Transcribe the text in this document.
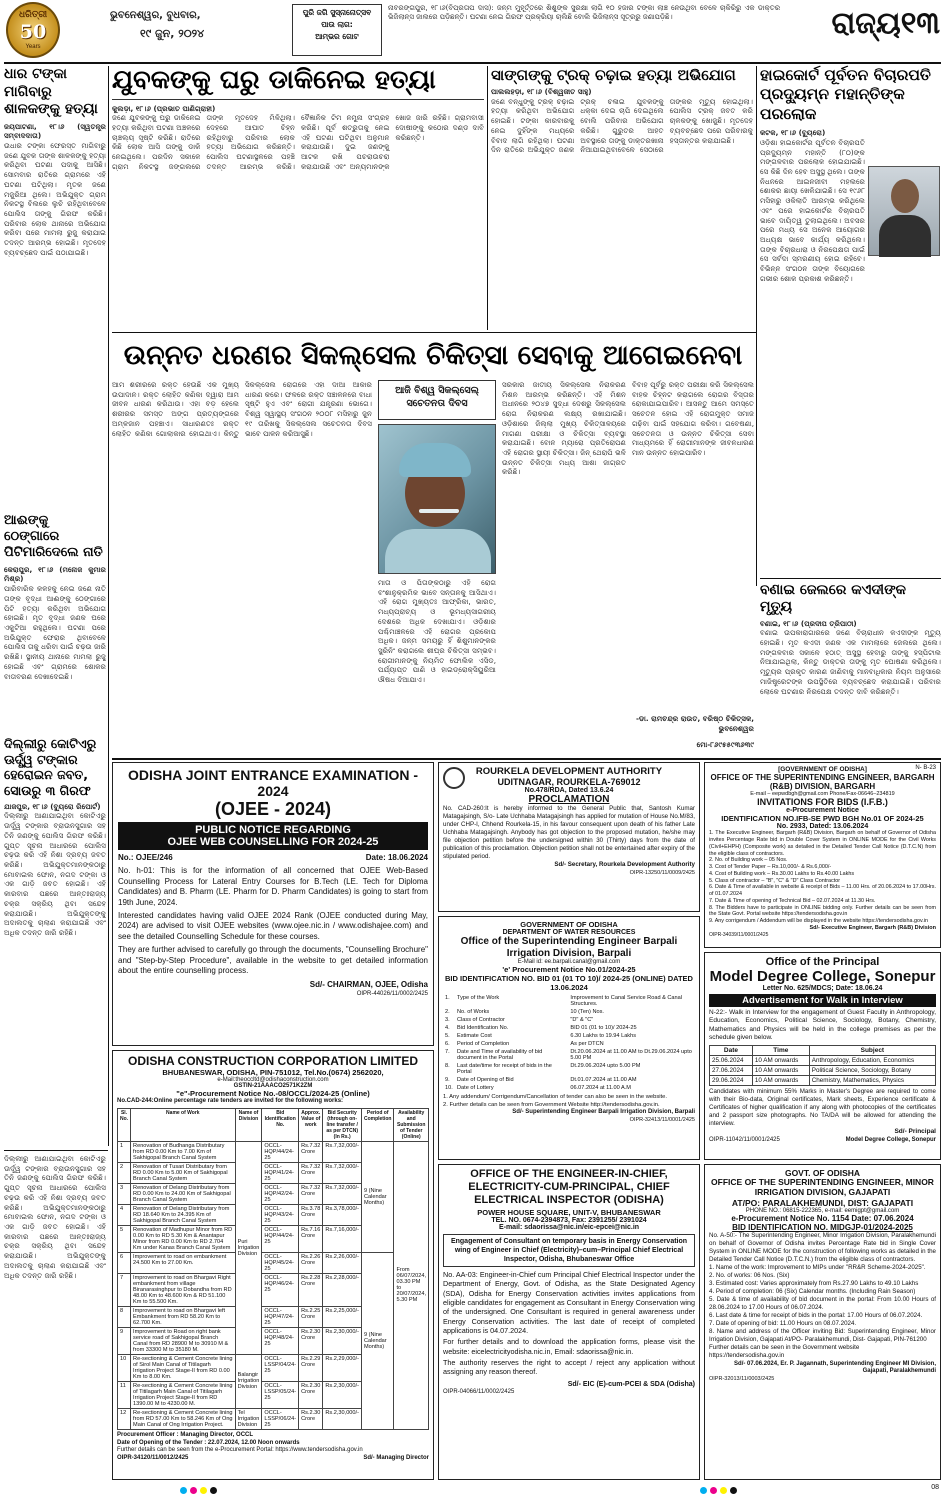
ଧରିତ୍ରୀ
50
Years
ଭୁବନେଶ୍ୱର, ବୁଧବାର,
୧୯ ଜୁନ, ୨୦୨୪
ପୁରି ଜଗି ସୁସ୍ନାନୋତ୍ସବ
ପାଉ ଲାଗ:
ଆମ୍ଭର ଗୋଟ
ନାବରଙ୍ଗପୁର, ୧୮।୬(ବିପ୍ରତାପ ଦାସ): ଜନ୍ମ ମୁହୂର୍ତ୍ତରେ ଶିଶୁଙ୍କ ସୁରକ୍ଷା ଲାଗି ୧୦ ହଜାର ଟଙ୍କା ଲାଞ୍ଚ ନେଉଥିବା ବେଳେ ଚାକିରିରୁ ଏକ ଡାକ୍ତର ଭିଜିଲାନ୍ସ ଜାଲରେ ପଡ଼ିଛନ୍ତି। ଘଟଣା ନେଇ ଗିରଫ ପ୍ରକ୍ରିୟା ଚାଲିଛି ବୋଲି ଭିଜିଲାନ୍ସ ସୂତ୍ରରୁ ଜଣାପଡ଼ିଛି।	ରାଜ୍ୟ୧୩
ଧାର ଟଙ୍କା ମାଗିବାରୁ ଶାଳକଙ୍କୁ ହତ୍ୟା
ଜୟପାଟଣା, ୧୮।୬ (ସ୍ୱତନ୍ତ୍ର ସମ୍ବାଦଦାତା)
ଉଧାର ଟଙ୍କା ଫେରସ୍ତ ମାଗିବାରୁ ଜଣେ ଯୁବକ ତାଙ୍କ ଶାଳକଙ୍କୁ ହତ୍ୟା କରିଥିବା ଘଟଣା ପଦାକୁ ଆସିଛି। ସୋମବାର ରାତିରେ ଗ୍ରାମରେ ଏହି ଘଟଣା ଘଟିଥିଲା। ମୃତକ ଜଣେ ମଜୁରିଆ ଥିଲେ। ଅଭିଯୁକ୍ତ ଗ୍ରାମ ନିକଟସ୍ଥ ବିଲରେ ଲୁଚି ରହିଥିବାବେଳେ ପୋଲିସ ତାଙ୍କୁ ଗିରଫ କରିଛି। ପରିବାର ଲୋକ ଥାନାରେ ଅଭିଯୋଗ କରିବା ପରେ ମାମଲା ରୁଜୁ କରାଯାଇ ତଦନ୍ତ ଆରମ୍ଭ ହୋଇଛି। ମୃତଦେହ ବ୍ୟବଚ୍ଛେଦ ପାଇଁ ପଠାଯାଇଛି।
ଆଈଙ୍କୁ ଠେଙ୍ଗାରେ ପିଟିମାରିଦେଲେ ନାତି
କେରାପୁର, ୧୮।୬ (ମନୋଜ କୁମାର ମିଶ୍ର)
ପାରିବାରିକ କଳହକୁ ନେଇ ଜଣେ ନାତି ତାଙ୍କ ବୃଦ୍ଧା ଆଈଙ୍କୁ ଠେଙ୍ଗାରେ ପିଟି ହତ୍ୟା କରିଥିବା ଅଭିଯୋଗ ହୋଇଛି। ମୃତ ବୃଦ୍ଧା ଜଣକ ଘରେ ଏକୁଟିଆ ରହୁଥିଲେ। ଘଟଣା ପରେ ଅଭିଯୁକ୍ତ ଫେରାର ଥିବାବେଳେ ପୋଲିସ ତାକୁ ଧରିବା ପାଇଁ ଚଢ଼ଉ ଜାରି ରଖିଛି। ସ୍ଥାନୀୟ ଥାନାରେ ମାମଲା ରୁଜୁ ହୋଇଛି ଏବଂ ଗ୍ରାମରେ ଶୋକର ବାତାବରଣ ଦେଖାଦେଇଛି।
ଦିଲ୍ଲୀରୁ କୋଟିଏରୁ ଊର୍ଦ୍ଧ୍ୱ ଟଙ୍କାର ହେରୋଇନ ଜବତ, ସୋଉରୁ ୩ ଗିରଫ
ଯାଜପୁର, ୧୮।୬ (ବ୍ୟୁରୋ ରିପୋର୍ଟ)
ଦିଲ୍ଲୀରୁ ଆଣାଯାଇଥିବା କୋଟିଏରୁ ଊର୍ଦ୍ଧ୍ୱ ଟଙ୍କାର ବ୍ରାଉନସୁଗାର ସହ ତିନି ଜଣଙ୍କୁ ପୋଲିସ ଗିରଫ କରିଛି। ଗୁପ୍ତ ସୂଚନା ଆଧାରରେ ପୋଲିସ ଚଢ଼ଉ କରି ଏହି ନିଶା ଦ୍ରବ୍ୟ ଜବତ କରିଛି। ଅଭିଯୁକ୍ତମାନଙ୍କଠାରୁ ମୋବାଇଲ ଫୋନ, ନଗଦ ଟଙ୍କା ଓ ଏକ ଗାଡ଼ି ଜବତ ହୋଇଛି। ଏହି କାରବାର ପଛରେ ଆନ୍ତଃରାଜ୍ୟ ଚକ୍ର ସକ୍ରିୟ ଥିବା ସନ୍ଦେହ କରାଯାଉଛି। ଅଭିଯୁକ୍ତଙ୍କୁ ଅଦାଲତକୁ ଚାଲାଣ କରାଯାଇଛି ଏବଂ ଅଧିକ ତଦନ୍ତ ଜାରି ରହିଛି।
ଯୁବକଙ୍କୁ ଘରୁ ଡାକିନେଇ ହତ୍ୟା
କୁଲଡ଼ା, ୧୮।୬ (ପ୍ରଭାତ ପାଣିଗ୍ରାହୀ)
ଜଣେ ଯୁବକଙ୍କୁ ଘରୁ ଡାକିନେଇ ହତ୍ୟା କରିଥିବା ଘଟଣା ଅଞ୍ଚଳରେ ଚାଞ୍ଚଲ୍ୟ ସୃଷ୍ଟି କରିଛି। ରାତିରେ କିଛି ଲୋକ ଆସି ତାଙ୍କୁ ଡାକି ନେଇଥିଲେ। ପରଦିନ ସକାଳେ ଗ୍ରାମ ନିକଟସ୍ଥ ଜଙ୍ଗଲରେ ତାଙ୍କ ମୃତଦେହ ମିଳିଥିଲା। ଦେହରେ ଆଘାତ ଚିହ୍ନ ରହିଥିବାରୁ ପରିବାର ଲୋକ ହତ୍ୟା ଅଭିଯୋଗ କରିଛନ୍ତି। ପୋଲିସ ଘଟଣାସ୍ଥଳରେ ପହଞ୍ଚି ତଦନ୍ତ ଆରମ୍ଭ କରିଛି। ବୈଜ୍ଞାନିକ ଟିମ ନମୁନା ସଂଗ୍ରହ କରିଛି। ପୂର୍ବ ଶତ୍ରୁତାକୁ ନେଇ ଏହି ଘଟଣା ଘଟିଥିବା ଅନୁମାନ କରାଯାଉଛି। ଦୁଇ ଜଣଙ୍କୁ ଆଟକ ରଖି ପଚରାଉଚରା କରାଯାଉଛି ଏବଂ ଅନ୍ୟମାନଙ୍କ ଖୋଜ ଜାରି ରହିଛି। ଗ୍ରାମବାସୀ ଦୋଷୀଙ୍କୁ କଠୋର ଦଣ୍ଡ ଦାବି କରିଛନ୍ତି।
ସାଙ୍ଗଙ୍କୁ ଟ୍ରକ୍ ଚଢ଼ାଇ ହତ୍ୟା ଅଭିଯୋଗ
ପାଲଲହଡ଼ା, ୧୮।୬ (ବିଶ୍ୱଜୀତ ସାହୁ)
ଜଣେ ବନ୍ଧୁଙ୍କୁ ଟ୍ରକ୍ ଚଢ଼ାଇ ହତ୍ୟା କରିଥିବା ଅଭିଯୋଗ ହୋଇଛି। ଟଙ୍କା କାରବାରକୁ ନେଇ ଦୁହିଁଙ୍କ ମଧ୍ୟରେ ବିବାଦ ଲାଗି ରହିଥିଲା। ଘଟଣା ଦିନ ରାତିରେ ଅଭିଯୁକ୍ତ ଜଣକ ଟ୍ରକ୍ ଚଳାଇ ଯୁବକଙ୍କୁ ଧକ୍କା ଦେଇ ଚାପି ଦେଇଥିଲେ ବୋଲି ପରିବାର ଅଭିଯୋଗ କରିଛି। ଗୁରୁତର ଆହତ ଅବସ୍ଥାରେ ତାଙ୍କୁ ଡାକ୍ତରଖାନା ନିଆଯାଇଥିବାବେଳେ ସେଠାରେ ତାଙ୍କର ମୃତ୍ୟୁ ହୋଇଥିଲା। ପୋଲିସ ଟ୍ରକ୍ ଜବତ କରି ଚାଳକଙ୍କୁ ଖୋଜୁଛି। ମୃତଦେହ ବ୍ୟବଚ୍ଛେଦ ପରେ ପରିବାରକୁ ହସ୍ତାନ୍ତର କରାଯାଇଛି।
ହାଇକୋର୍ଟ ପୂର୍ବତନ ବିଚାରପତି ପ୍ରଦ୍ୟୁମ୍ନ ମହାନ୍ତିଙ୍କ ପରଲୋକ
କଟକ, ୧୮।୬ (ବ୍ୟୁରୋ)
ଓଡ଼ିଶା ହାଇକୋର୍ଟର ପୂର୍ବତନ ବିଚାରପତି ପ୍ରଦ୍ୟୁମ୍ନ ମହାନ୍ତି (୮୦)ଙ୍କ ମଙ୍ଗଳବାର ପରଲୋକ ହୋଇଯାଇଛି। ସେ କିଛି ଦିନ ହେବ ଅସୁସ୍ଥ ଥିଲେ। ତାଙ୍କ ନିଧନରେ ଆଇନଜୀବୀ ମହଲରେ ଶୋକର ଛାୟା ଖେଳିଯାଇଛି। ସେ ୧୯୬୮ ମସିହାରୁ ଓକିଲାତି ଆରମ୍ଭ କରିଥିଲେ ଏବଂ ପରେ ହାଇକୋର୍ଟର ବିଚାରପତି ଭାବେ ଦାୟିତ୍ୱ ତୁଲାଇଥିଲେ। ଅବସର ପରେ ମଧ୍ୟ ସେ ଅନେକ ଆୟୋଗର ଅଧ୍ୟକ୍ଷ ଭାବେ କାର୍ଯ୍ୟ କରିଥିଲେ। ତାଙ୍କ ବିଚାରଧାରା ଓ ନିରପେକ୍ଷତା ପାଇଁ ସେ ସର୍ବଦା ସ୍ମରଣୀୟ ହୋଇ ରହିବେ। ବିଭିନ୍ନ ସଂଗଠନ ତାଙ୍କ ବିୟୋଗରେ ଗଭୀର ଶୋକ ପ୍ରକାଶ କରିଛନ୍ତି।
ଉନ୍ନତ ଧରଣର ସିକଲ୍‌ସେଲ ଚିକିତ୍ସା ସେବାକୁ ଆଗେଇନେବା
ଆମ ଶରୀରରେ ରକ୍ତ ହେଉଛି ଏକ ମୁଖ୍ୟ ଉପାଦାନ। ରକ୍ତ ଲୋହିତ କଣିକା ଦ୍ୱାରା ଆମ ଜୀବନ ଧାରଣ କରିଥାଉ। ଏହା ବଡ଼ ହେଲେ ଶରୀରର ସମସ୍ତ ଅଙ୍ଗ ପ୍ରତ୍ୟଙ୍ଗରେ ଅମ୍ଳଜାନ ପହଞ୍ଚାଏ। ସାଧାରଣତଃ ରକ୍ତ ଲୋହିତ କଣିକା ଗୋଲାକାର ହୋଇଥାଏ। କିନ୍ତୁ ସିକଲ୍‌ସେଲ ରୋଗରେ ଏହା ଦାଆ ଆକାର ଧାରଣ କରେ। ଫଳରେ ରକ୍ତ ସଞ୍ଚାଳନରେ ବାଧା ସୃଷ୍ଟି ହୁଏ ଏବଂ ରୋଗୀ ଯନ୍ତ୍ରଣା ଭୋଗେ। ବିଶ୍ୱ ସ୍ୱାସ୍ଥ୍ୟ ସଂଗଠନ ୨୦୦୮ ମସିହାରୁ ଜୁନ ୧୯ ତାରିଖକୁ ସିକଲ୍‌ସେଲ ସଚେତନତା ଦିବସ ଭାବେ ପାଳନ କରିଆସୁଛି।
ଆଜି ବିଶ୍ୱ ସିକଲ୍‌ସେଲ୍
ସଚେତନତା ଦିବସ
ମାତା ଓ ପିତାଙ୍କଠାରୁ ଏହି ରୋଗ ବଂଶାନୁକ୍ରମିକ ଭାବେ ସନ୍ତାନକୁ ଆସିଥାଏ। ଏହି ରୋଗ ମୁଖ୍ୟତଃ ଆଫ୍ରିକା, ଭାରତ, ମଧ୍ୟପ୍ରାଚ୍ୟ ଓ ଭୂମଧ୍ୟସାଗରୀୟ ଦେଶରେ ଅଧିକ ଦେଖାଯାଏ। ଓଡ଼ିଶାର ପଶ୍ଚିମାଞ୍ଚଳରେ ଏହି ରୋଗର ପ୍ରକୋପ ଅଧିକ। ଜନ୍ମ ସମୟରୁ ହିଁ ଶିଶୁମାନଙ୍କର ସ୍କ୍ରିନିଂ କରାଗଲେ ଶୀଘ୍ର ଚିକିତ୍ସା ସମ୍ଭବ। ରୋଗୀମାନଙ୍କୁ ନିୟମିତ ଫୋଲିକ ଏସିଡ, ପର୍ଯ୍ୟାପ୍ତ ପାଣି ଓ ହାଇଡ୍ରୋକ୍ସିୟୁରିଆ ଔଷଧ ଦିଆଯାଏ।
ସରକାର ଜାତୀୟ ସିକଲ୍‌ସେଲ ନିରାକରଣ ମିଶନ ଆରମ୍ଭ କରିଛନ୍ତି। ଏହି ମିଶନ ଅଧୀନରେ ୨୦୪୭ ସୁଦ୍ଧା ଦେଶରୁ ସିକଲ୍‌ସେଲ ରୋଗ ନିରାକରଣ ଲକ୍ଷ୍ୟ ରଖାଯାଇଛି। ଓଡ଼ିଶାରେ ଜିଲ୍ଲା ମୁଖ୍ୟ ଚିକିତ୍ସାଳୟରେ ମାଗଣା ପରୀକ୍ଷା ଓ ଚିକିତ୍ସା ବ୍ୟବସ୍ଥା କରାଯାଇଛି। ବୋନ ମ୍ୟାରୋ ପ୍ରତିରୋପଣ ଏହି ରୋଗର ସ୍ଥାୟୀ ଚିକିତ୍ସା। ଜିନ୍ ଥେରାପି ଭଳି ଉନ୍ନତ ଚିକିତ୍ସା ମଧ୍ୟ ଆଶା ଜାଗ୍ରତ କରିଛି।
ବିବାହ ପୂର୍ବରୁ ରକ୍ତ ପରୀକ୍ଷା କରି ସିକଲ୍‌ସେଲ ବାହକ ଚିହ୍ନଟ କରାଗଲେ ରୋଗର ବିସ୍ତାର ରୋକାଯାଇପାରିବ। ଆସନ୍ତୁ ଆମେ ସମସ୍ତେ ସଚେତନ ହୋଇ ଏହି ରୋଗମୁକ୍ତ ସମାଜ ଗଢ଼ିବା ପାଇଁ ସହଯୋଗ କରିବା। ଗବେଷଣା, ସଚେତନତା ଓ ଉନ୍ନତ ଚିକିତ୍ସା ସେବା ମାଧ୍ୟମରେ ହିଁ ରୋଗୀମାନଙ୍କ ଜୀବନଧାରଣ ମାନ ଉନ୍ନତ ହୋଇପାରିବ।
-ଡା. ରାମଚନ୍ଦ୍ର ରାଉତ, ବରିଷ୍ଠ ଚିକିତ୍ସକ, ଭୁବନେଶ୍ୱର
ମୋ-୮୬୯୫୫୯୩୬୩୯
ବଣାଇ ଜେଲରେ କଏଦୀଙ୍କ ମୃତ୍ୟୁ
ବଣାଇ, ୧୮।୬ (ପ୍ରଦୀପ ତ୍ରିପାଠୀ)
ବଣାଇ ଉପକାରାଗାରରେ ଜଣେ ବିଚାରାଧୀନ କଏଦୀଙ୍କ ମୃତ୍ୟୁ ହୋଇଛି। ମୃତ କଏଦୀ ଜଣକ ଏକ ମାମଲାରେ ଜେଲରେ ଥିଲେ। ମଙ୍ଗଳବାର ସକାଳେ ହଠାତ୍ ଅସୁସ୍ଥ ହେବାରୁ ତାଙ୍କୁ ହସ୍ପିଟାଲ ନିଆଯାଇଥିଲା, କିନ୍ତୁ ଡାକ୍ତର ତାଙ୍କୁ ମୃତ ଘୋଷଣା କରିଥିଲେ। ମୃତ୍ୟୁର ପ୍ରକୃତ କାରଣ ଜାଣିବାକୁ ମାନବାଧିକାର ନିୟମ ଅନୁସାରେ ମାଜିଷ୍ଟ୍ରେଟଙ୍କ ଉପସ୍ଥିତିରେ ବ୍ୟବଚ୍ଛେଦ କରାଯାଇଛି। ପରିବାର ଲୋକେ ଘଟଣାର ନିରପେକ୍ଷ ତଦନ୍ତ ଦାବି କରିଛନ୍ତି।
ODISHA JOINT ENTRANCE EXAMINATION - 2024
(OJEE - 2024)
PUBLIC NOTICE REGARDING
OJEE WEB COUNSELLING FOR 2024-25
No.: OJEE/246	Date: 18.06.2024
No. h-01: This is for the information of all concerned that OJEE Web-Based Counselling Process for Lateral Entry Courses for B.Tech (LE. Tech for Diploma Candidates) and B. Pharm (LE. Pharm for D. Pharm Candidates) is going to start from 19th June, 2024.
Interested candidates having valid OJEE 2024 Rank (OJEE conducted during May, 2024) are advised to visit OJEE websites (www.ojee.nic.in / www.odishajee.com) and see the detailed Counselling Schedule for these courses.
They are further advised to carefully go through the documents, "Counselling Brochure" and "Step-by-Step Procedure", available in the website to get detailed information about the entire counselling process.
Sd/- CHAIRMAN, OJEE, Odisha
OIPR-44026/11/0002/2425
ROURKELA DEVELOPMENT AUTHORITY
UDITNAGAR, ROURKELA-769012
No.478/RDA, Dated 13.6.24
PROCLAMATION
No. CAD-260:It is hereby informed to the General Public that, Santosh Kumar Matagajsingh, S/o- Late Uchhaba Matagajsingh has applied for mutation of House No.M/83, under CHP-I, Chhend Rourkela-15, in his favour consequent upon death of his father Late Uchhaba Matagajsingh. Anybody has got objection to the proposed mutation, he/she may file objection petition before the undersigned within 30 (Thirty) days from the date of publication of this proclamation. Objection petition shall not be entertained after expiry of the stipulated period.
Sd/- Secretary, Rourkela Development Authority
OIPR-13250/11/0009/2425
GOVERNMENT OF ODISHA
DEPARTMENT OF WATER RESOURCES
Office of the Superintending Engineer Barpali Irrigation Division, Barpali
E-Mail id: ee.barpali.canal@gmail.com
'e' Procurement Notice No.01/2024-25
BID IDENTIFICATION NO. BID 01 (01 TO 10)/ 2024-25 (ONLINE) DATED 13.06.2024
1.	Type of the Work	Improvement to Canal Service Road & Canal Structures.
2.	No. of Works	10 (Ten) Nos.
3.	Class of Contractor	"D" & "C"
4.	Bid Identification No.	BID 01 (01 to 10)/ 2024-25
5.	Estimate Cost	6.30 Lakhs to 19.94 Lakhs
6.	Period of Completion	As per DTCN
7.	Date and Time of availability of bid document in the Portal	Dt.20.06.2024 at 11.00 AM to Dt.29.06.2024 upto 5.00 PM
8.	Last date/time for receipt of bids in the Portal	Dt.29.06.2024 upto 5.00 PM
9.	Date of Opening of Bid	Dt.01.07.2024 at 11.00 AM
10.	Date of Lottery	06.07.2024 at 11.00 A.M
1. Any addendum/ Corrigendum/Cancellation of tender can also be seen in the website.
2. Further details can be seen from Government Website http://tendersodisha.gov.in.
Sd/- Superintending Engineer Barpali Irrigation Division, Barpali
OIPR-32413/11/0001/2425
N- B-23
[GOVERNMENT OF ODISHA]
OFFICE OF THE SUPERINTENDING ENGINEER, BARGARH (R&B) DIVISION, BARGARH
E-mail – eepwdbgh@gmail.com Phone/Fax-06646–234819
INVITATIONS FOR BIDS (I.F.B.)
e-Procurement Notice
IDENTIFICATION NO.IFB-SE PWD BGH No.01 OF 2024-25
No. 2933, Dated: 13.06.2024
1. The Executive Engineer, Bargarh (R&B) Division, Bargarh on behalf of Governor of Odisha invites Percentage Rate bid in Double Cover System in ONLINE MODE for the Civil Works (Civil+EHPH) (Composite work) as detailed in the Detailed Tender Call Notice (D.T.C.N) from the eligible class of contractors.
2. No. of Building work – 05 Nos.
3. Cost of Tender Paper – Rs.10,000/- & Rs.6,000/-
4. Cost of Building work – Rs.30.00 Lakhs to Rs.40.00 Lakhs
5. Class of contractor – "B", "C" & "D" Class Contractor
6. Date & Time of available in website & receipt of Bids – 11.00 Hrs. of 20.06.2024 to 17.00Hrs. of 01.07.2024
7. Date & Time of opening of Technical Bid – 02.07.2024 at 11.30 Hrs.
8. The Bidders have to participate in ONLINE bidding only. Further details can be seen from the State Govt. Portal website https://tendersodisha.gov.in
9. Any corrigendum / Addendum will be displayed in the website https://tendersodisha.gov.in
Sd/- Executive Engineer, Bargarh (R&B) Division
OIPR-34039/11/0001/2425
Office of the Principal
Model Degree College, Sonepur
Letter No. 625/MDCS; Date: 18.06.24
Advertisement for Walk in Interview
N-22:- Walk in Interview for the engagement of Guest Faculty in Anthropology, Education, Economics, Political Science, Sociology, Botany, Chemistry, Mathematics and Physics will be held in the college premises as per the schedule given below.
Date	Time	Subject
25.06.2024	10 AM onwards	Anthropology, Education, Economics
27.06.2024	10 AM onwards	Political Science, Sociology, Botany
29.06.2024	10 AM onwards	Chemistry, Mathematics, Physics
Candidates with minimum 55% Marks in Master's Degree are required to come with their Bio-data, Original certificates, Mark sheets, Experience certificate & Certificates of higher qualification if any along with photocopies of the certificates and 2 passport size photographs. No TA/DA will be allowed for attending the interview.
Sd/- Principal
OIPR-11042/11/0001/2425	Model Degree College, Sonepur
ODISHA CONSTRUCTION CORPORATION LIMITED
BHUBANESWAR, ODISHA, PIN-751012, Tel.No.(0674) 2562020,
e-Mail:theoccltd@odishaconstruction.com
GSTIN-21AAACO2571K2ZM
"e"-Procurement Notice No.-08/OCCL/2024-25 (Online)
No.CAD-244:Online percentage rate tenders are invited for the following works:
Sl. No.	Name of Work	Name of Division	Bid Identification No.	Approx. Value of work	Bid Security (through on-line transfer / as per DTCN) (In Rs.)	Period of Completion	Availability and Submission of Tender (Online)
1	Renovation of Budhanga Distributary from RD 0.00 Km to 7.00 Km of Sakhigopal Branch Canal System	Puri Irrigation Division	OCCL-HQP/44/24-25	Rs.7.32 Crore	Rs.7,32,000/-	9 (Nine Calendar Months)	From 06/07/2024, 03.30 PM to 20/07/2024, 5.30 PM
2	Renovation of Tusari Distributary from RD 0.00 Km to 5.00 Km of Sakhigopal Branch Canal System		OCCL-HQP/41/24-25	Rs.7.32 Crore	Rs.7,32,000/-		
3	Renovation of Delang Distributary from RD 0.00 Km to 24.00 Km of Sakhigopal Branch Canal System		OCCL-HQP/42/24-25	Rs.7.32 Crore	Rs.7,32,000/-		
4	Renovation of Delang Distributary from RD 18.640 Km to 24.395 Km of Sakhigopal Branch Canal System		OCCL-HQP/43/24-25	Rs.3.78 Crore	Rs.3,78,000/-		
5	Renovation of Madhupur Minor from RD 0.00 Km to RD 5.30 Km & Anantapur Minor from RD 0.00 Km to RD 2.704 Km under Kanas Branch Canal System		OCCL-HQP/44/24-25	Rs.7.16 Crore	Rs.7,16,000/-		
6	Improvement to road on embankment 24.500 Km to 27.00 Km.		OCCL-HQP/45/24-25	Rs.2.26 Crore	Rs.2,26,000/-	9 (Nine Calendar Months)	
7	Improvement to road on Bhargavi Right embankment from village Biranarasinghpur to Dobandha from RD 48.00 Km to 48.600 Km & RD 51.100 Km to 55.500 Km.		OCCL-HQP/46/24-25	Rs.2.28 Crore	Rs.2,28,000/-		
8	Improvement to road on Bhargavi left Embankment from RD 58.20 Km to 62.700 Km.		OCCL-HQP/47/24-25	Rs.2.25 Crore	Rs.2,25,000/-		
9	Improvement to Road on right bank service road of Sakhigopal Branch Canal from RD 28900 M to 30910 M & from 33300 M to 35180 M.		OCCL-HQP/48/24-25	Rs.2.30 Crore	Rs.2,30,000/-		
10	Re-sectioning & Cement Concrete lining of Sirol Main Canal of Titilagarh Irrigation Project Stage-II from RD 0.00 Km to 8.00 Km.	Balangir Irrigation Division	OCCL-LSSP/04/24-25	Rs.2.29 Crore	Rs.2,29,000/-		
11	Re-sectioning & Cement Concrete lining of Titilagarh Main Canal of Titilagarh Irrigation Project Stage-II from RD 1390.00 M to 4230.00 M.		OCCL-LSSP/05/24-25	Rs.2.30 Crore	Rs.2,30,000/-		
12	Re-sectioning & Cement Concrete lining from RD 57.00 Km to 58.246 Km of Ong Main Canal of Ong Irrigation Project.	Tel Irrigation Division	OCCL-LSSP/06/24-25	Rs.2.30 Crore	Rs.2,30,000/-		
Procurement Officer : Managing Director, OCCL
Date of Opening of the Tender : 22.07.2024, 12.00 Noon onwards
Further details can be seen from the e-Procurement Portal: https://www.tendersodisha.gov.in
OIPR-34120/11/0012/2425	Sd/- Managing Director
OFFICE OF THE ENGINEER-IN-CHIEF, ELECTRICITY-CUM-PRINCIPAL, CHIEF ELECTRICAL INSPECTOR (ODISHA)
POWER HOUSE SQUARE, UNIT-V, BHUBANESWAR
TEL. NO. 0674-2394873, Fax: 2391255/ 2391024
E-mail: sdaorissa@nic.in/eic-epcei@nic.in
Engagement of Consultant on temporary basis in Energy Conservation wing of Engineer in Chief (Electricity)–cum–Principal Chief Electrical Inspector, Odisha, Bhubaneswar Office
No. AA-03: Engineer-in-Chief cum Principal Chief Electrical Inspector under the Department of Energy, Govt. of Odisha, as the State Designated Agency (SDA), Odisha for Energy Conservation activities invites applications from eligible candidates for engagement as Consultant in Energy Conservation wing of the undersigned. One Consultant is required in general awareness under Energy Conservation activities. The last date of receipt of completed applications is 04.07.2024.
For further details and to download the application forms, please visit the website: eicelectricityodisha.nic.in, Email: sdaorissa@nic.in.
The authority reserves the right to accept / reject any application without assigning any reason thereof.
Sd/- EIC (E)-cum-PCEI & SDA (Odisha)
OIPR-04066/11/0002/2425
GOVT. OF ODISHA
OFFICE OF THE SUPERINTENDING ENGINEER, MINOR IRRIGATION DIVISION, GAJAPATI
AT/PO: PARALAKHEMUNDI, DIST: GAJAPATI
PHONE NO.: 06815-222365, e-mail: eemigpt@gmail.com
e-Procurement Notice No. 1154 Date: 07.06.2024
BID IDENTIFICATION NO. MIDGJP-01/2024-2025
No. A-50:- The Superintending Engineer, Minor Irrigation Division, Paralakhemundi on behalf of Governor of Odisha invites Percentage Rate bid in Single Cover System in ONLINE MODE for the construction of following works as detailed in the Detailed Tender Call Notice (D.T.C.N.) from the eligible class of contractors.
1. Name of the work: Improvement to MIPs under "RR&R Scheme-2024-2025".
2. No. of works: 06 Nos. (Six)
3. Estimated cost: Varies approximately from Rs.27.90 Lakhs to 49.10 Lakhs
4. Period of completion: 06 (Six) Calendar months. (Including Rain Season)
5. Date & time of availability of bid document in the portal: From 10.00 Hours of 28.06.2024 to 17.00 Hours of 06.07.2024.
6. Last date & time for receipt of bids in the portal: 17.00 Hours of 06.07.2024.
7. Date of opening of bid: 11.00 Hours on 08.07.2024.
8. Name and address of the Officer inviting Bid: Superintending Engineer, Minor Irrigation Division, Gajapati At/PO- Paralakhemundi, Dist- Gajapati, PIN-761200
Further details can be seen in the Government website https://tendersodisha.gov.in
Sd/- 07.06.2024, Er. P. Jagannath, Superintending Engineer MI Division, Gajapati, Paralakhemundi
OIPR-32013/11/0003/2425
ଦିଲ୍ଲୀରୁ ଆଣାଯାଇଥିବା କୋଟିଏରୁ ଊର୍ଦ୍ଧ୍ୱ ଟଙ୍କାର ବ୍ରାଉନସୁଗାର ସହ ତିନି ଜଣଙ୍କୁ ପୋଲିସ ଗିରଫ କରିଛି। ଗୁପ୍ତ ସୂଚନା ଆଧାରରେ ପୋଲିସ ଚଢ଼ଉ କରି ଏହି ନିଶା ଦ୍ରବ୍ୟ ଜବତ କରିଛି। ଅଭିଯୁକ୍ତମାନଙ୍କଠାରୁ ମୋବାଇଲ ଫୋନ, ନଗଦ ଟଙ୍କା ଓ ଏକ ଗାଡ଼ି ଜବତ ହୋଇଛି। ଏହି କାରବାର ପଛରେ ଆନ୍ତଃରାଜ୍ୟ ଚକ୍ର ସକ୍ରିୟ ଥିବା ସନ୍ଦେହ କରାଯାଉଛି। ଅଭିଯୁକ୍ତଙ୍କୁ ଅଦାଲତକୁ ଚାଲାଣ କରାଯାଇଛି ଏବଂ ଅଧିକ ତଦନ୍ତ ଜାରି ରହିଛି।
08
